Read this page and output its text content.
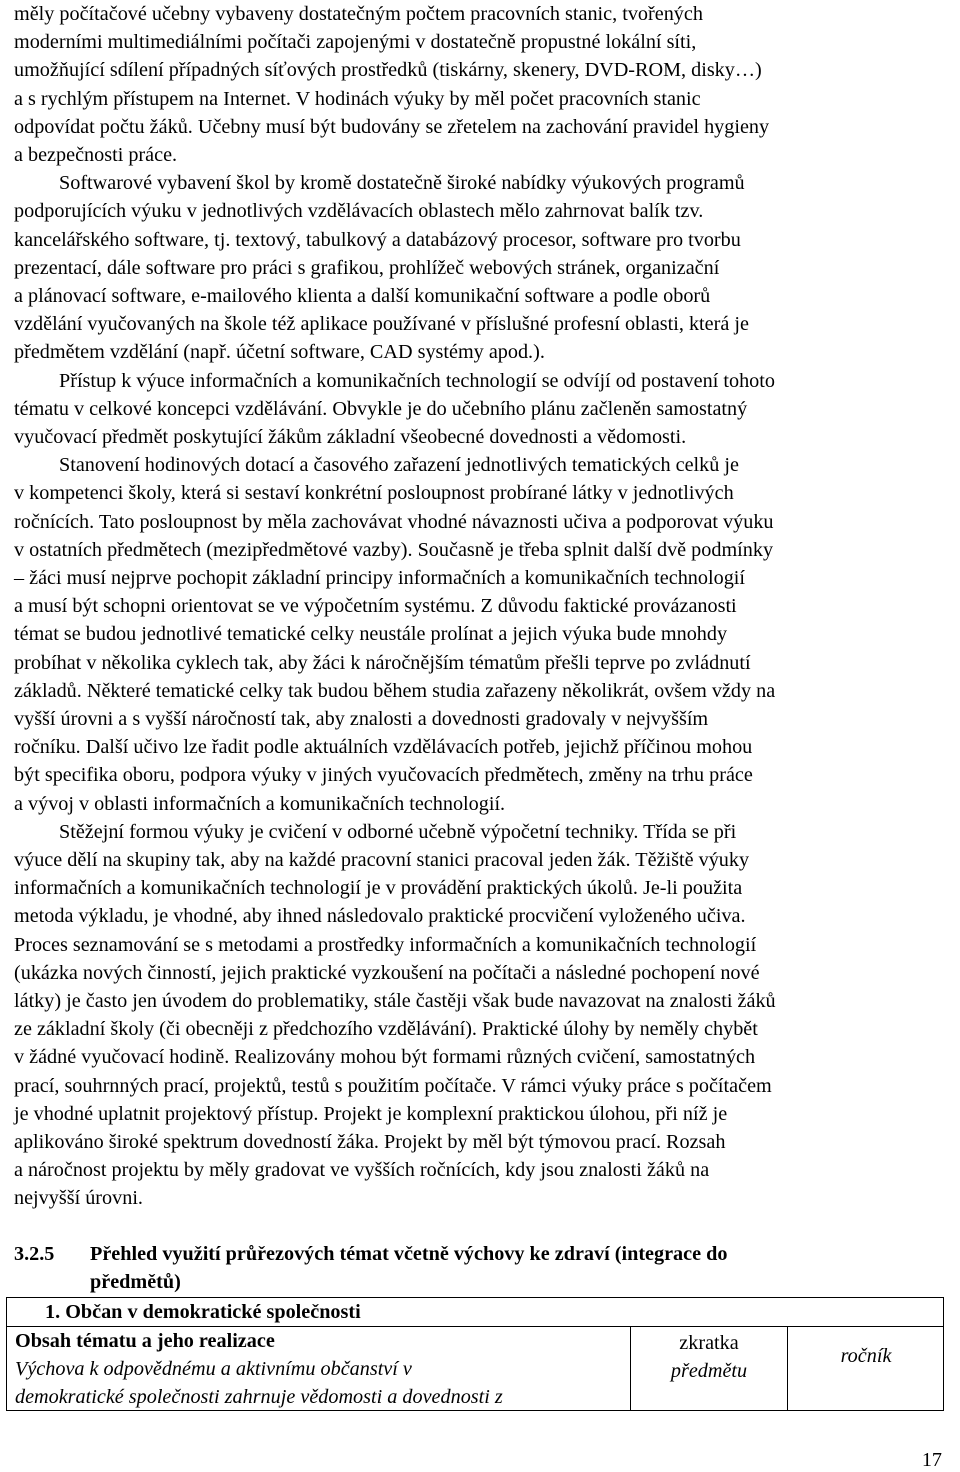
měly počítačové učebny vybaveny dostatečným počtem pracovních stanic, tvořených
moderními multimediálními počítači zapojenými v dostatečně propustné lokální síti,
umožňující sdílení případných síťových prostředků (tiskárny, skenery, DVD-ROM, disky…)
a s rychlým přístupem na Internet. V hodinách výuky by měl počet pracovních stanic
odpovídat počtu žáků. Učebny musí být budovány se zřetelem na zachování pravidel hygieny
a bezpečnosti práce.
Softwarové vybavení škol by kromě dostatečně široké nabídky výukových programů
podporujících výuku v jednotlivých vzdělávacích oblastech mělo zahrnovat balík tzv.
kancelářského software, tj. textový, tabulkový a databázový procesor, software pro tvorbu
prezentací, dále software pro práci s grafikou, prohlížeč webových stránek, organizační
a plánovací software, e-mailového klienta a další komunikační software a podle oborů
vzdělání vyučovaných na škole též aplikace používané v příslušné profesní oblasti, která je
předmětem vzdělání (např. účetní software, CAD systémy apod.).
Přístup k výuce informačních a komunikačních technologií se odvíjí od postavení tohoto
tématu v celkové koncepci vzdělávání. Obvykle je do učebního plánu začleněn samostatný
vyučovací předmět poskytující žákům základní všeobecné dovednosti a vědomosti.
Stanovení hodinových dotací a časového zařazení jednotlivých tematických celků je
v kompetenci školy, která si sestaví konkrétní posloupnost probírané látky v jednotlivých
ročnících. Tato posloupnost by měla zachovávat vhodné návaznosti učiva a podporovat výuku
v ostatních předmětech (mezipředmětové vazby). Současně je třeba splnit další dvě podmínky
– žáci musí nejprve pochopit základní principy informačních a komunikačních technologií
a musí být schopni orientovat se ve výpočetním systému. Z důvodu faktické provázanosti
témat se budou jednotlivé tematické celky neustále prolínat a jejich výuka bude mnohdy
probíhat v několika cyklech tak, aby žáci k náročnějším tématům přešli teprve po zvládnutí
základů. Některé tematické celky tak budou během studia zařazeny několikrát, ovšem vždy na
vyšší úrovni a s vyšší náročností tak, aby znalosti a dovednosti gradovaly v nejvyšším
ročníku. Další učivo lze řadit podle aktuálních vzdělávacích potřeb, jejichž příčinou mohou
být specifika oboru, podpora výuky v jiných vyučovacích předmětech, změny na trhu práce
a vývoj v oblasti informačních a komunikačních technologií.
Stěžejní formou výuky je cvičení v odborné učebně výpočetní techniky. Třída se při
výuce dělí na skupiny tak, aby na každé pracovní stanici pracoval jeden žák. Těžiště výuky
informačních a komunikačních technologií je v provádění praktických úkolů. Je-li použita
metoda výkladu, je vhodné, aby ihned následovalo praktické procvičení vyloženého učiva.
Proces seznamování se s metodami a prostředky informačních a komunikačních technologií
(ukázka nových činností, jejich praktické vyzkoušení na počítači a následné pochopení nové
látky) je často jen úvodem do problematiky, stále častěji však bude navazovat na znalosti žáků
ze základní školy (či obecněji z předchozího vzdělávání). Praktické úlohy by neměly chybět
v žádné vyučovací hodině. Realizovány mohou být formami různých cvičení, samostatných
prací, souhrnných prací, projektů, testů s použitím počítače. V rámci výuky práce s počítačem
je vhodné uplatnit projektový přístup. Projekt je komplexní praktickou úlohou, při níž je
aplikováno široké spektrum dovedností žáka. Projekt by měl být týmovou prací. Rozsah
a náročnost projektu by měly gradovat ve vyšších ročnících, kdy jsou znalosti žáků na
nejvyšší úrovni.
3.2.5 Přehled využití průřezových témat včetně výchovy ke zdraví (integrace do
předmětů)
1. Občan v demokratické společnosti
Obsah tématu a jeho realizace
Výchova k odpovědnému a aktivnímu občanství v
demokratické společnosti zahrnuje vědomosti a dovednosti z
zkratka
předmětu
ročník
17
